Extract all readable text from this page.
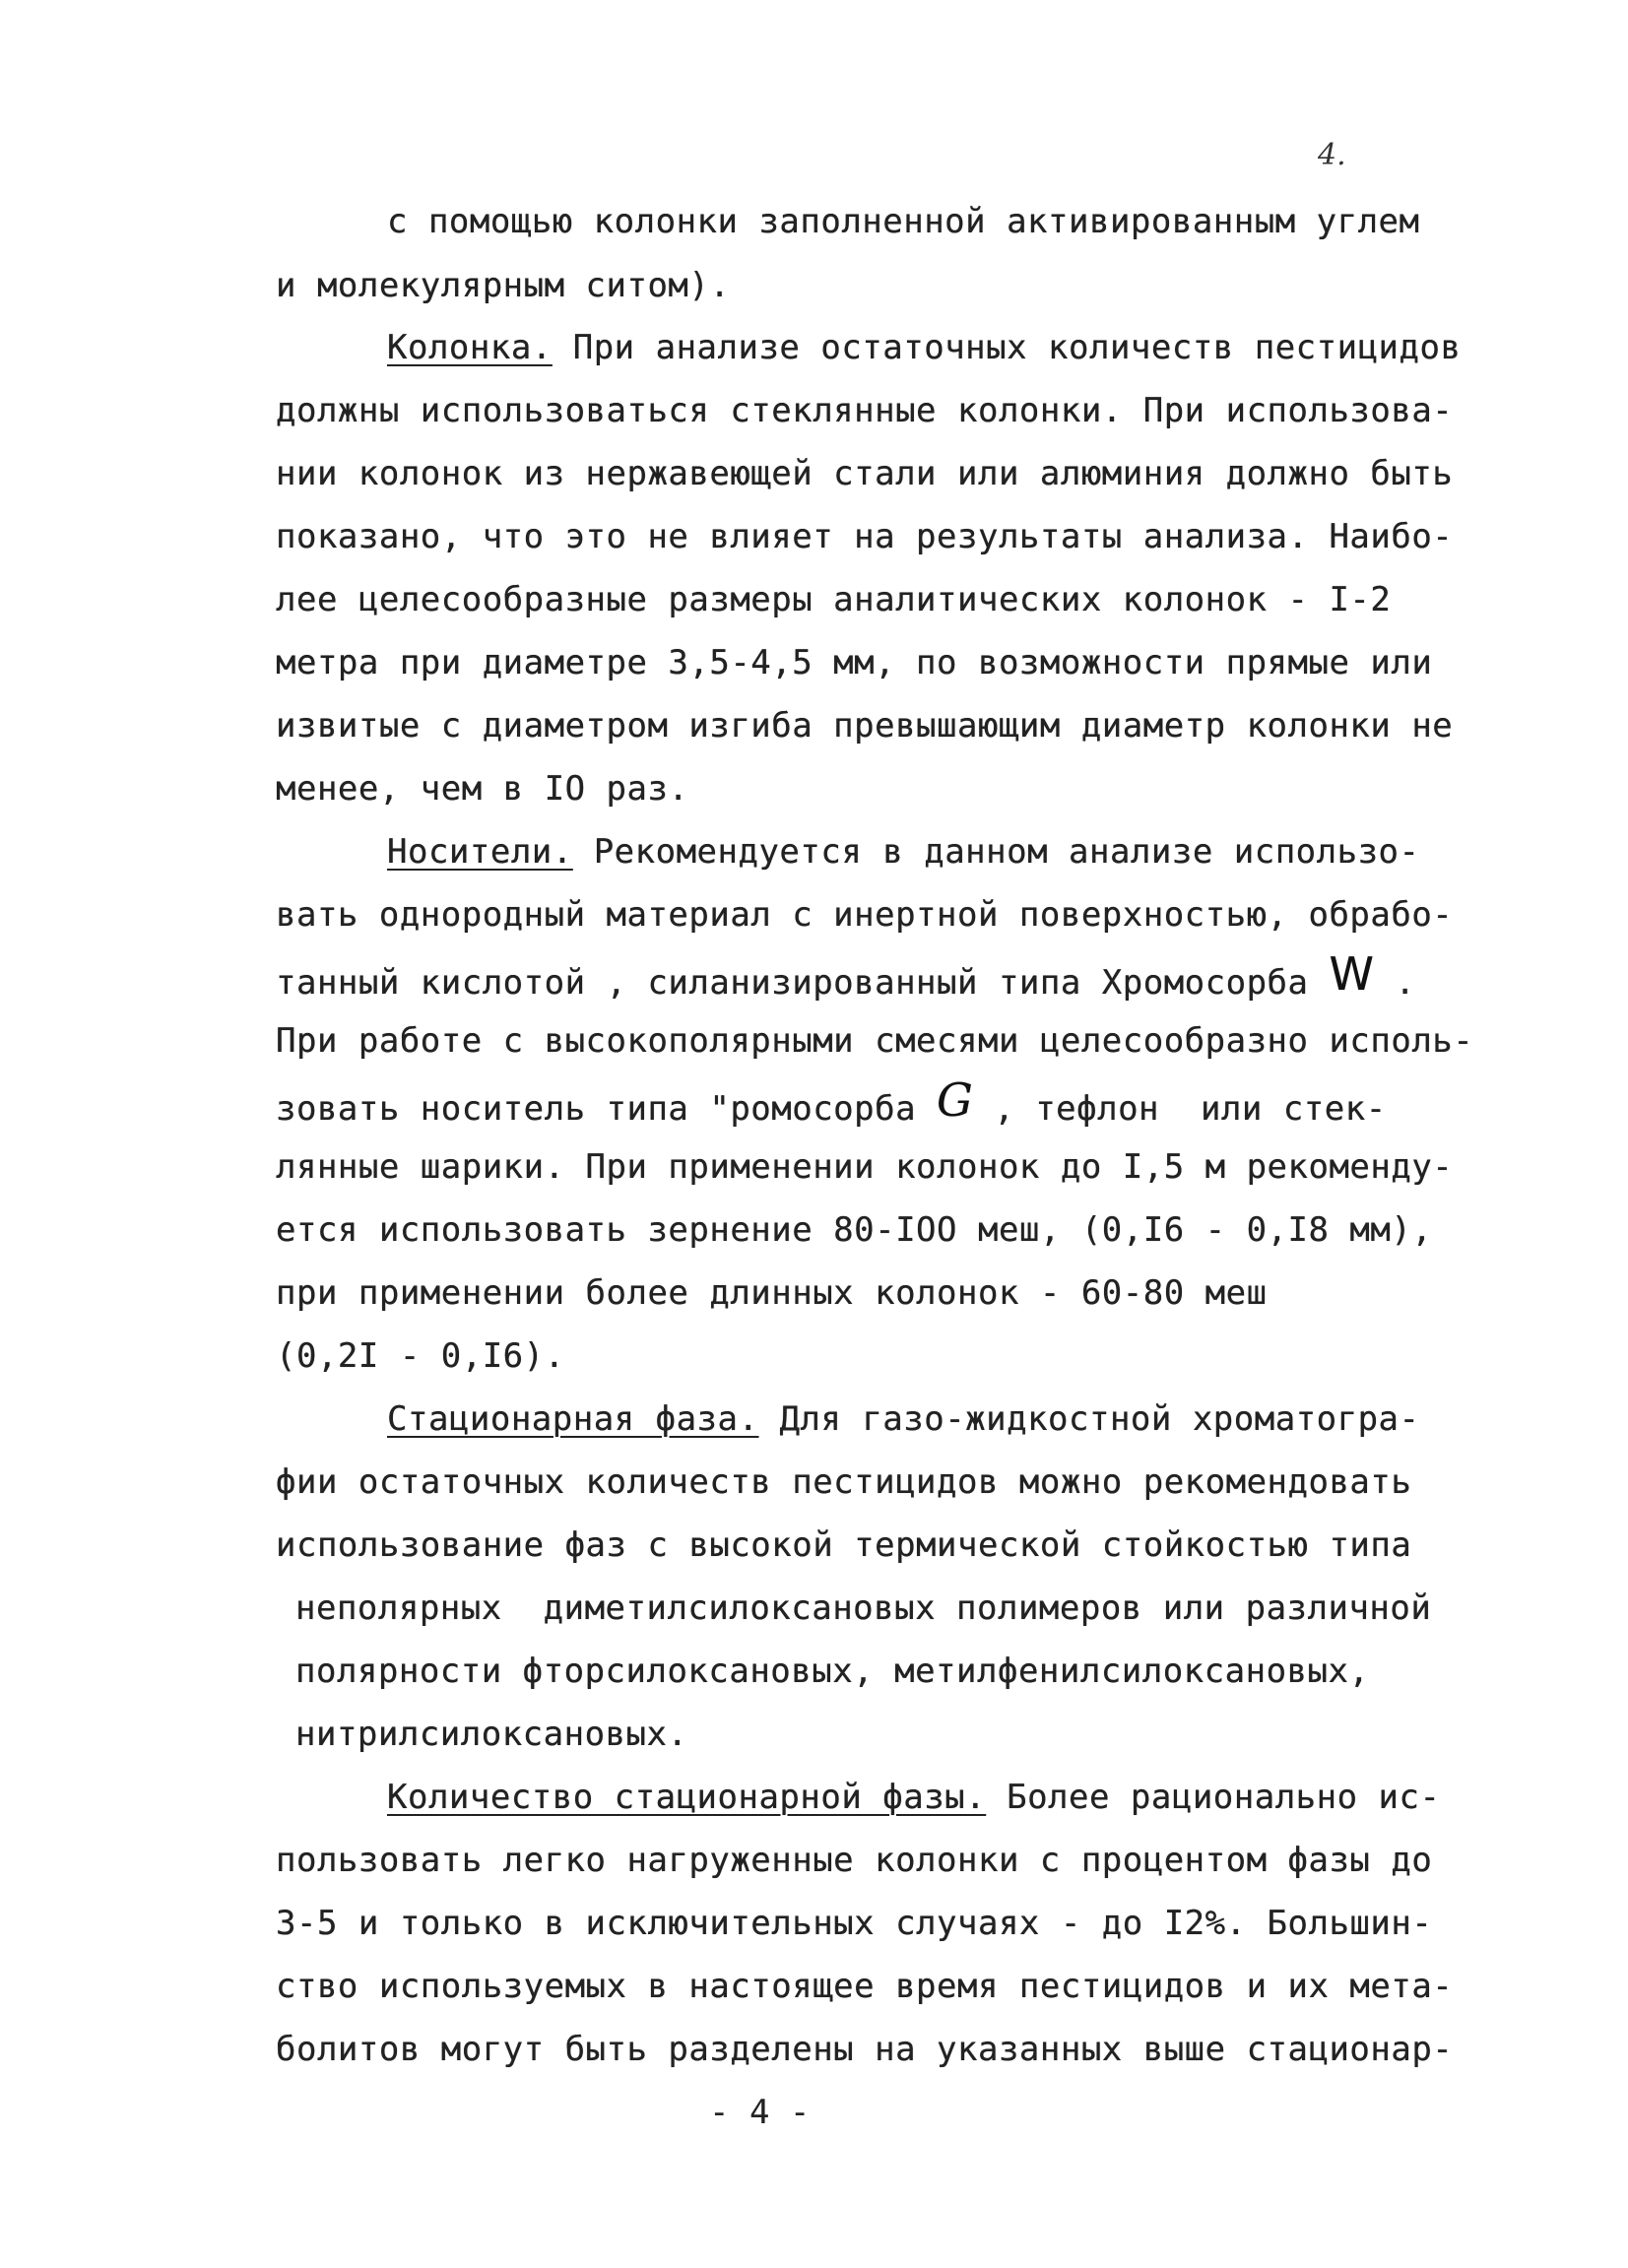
4.
с помощью колонки заполненной активированным углем
и молекулярным ситом).
Колонка. При анализе остаточных количеств пестицидов
должны использоваться стеклянные колонки. При использова-
нии колонок из нержавеющей стали или алюминия должно быть
показано, что это не влияет на результаты анализа. Наибо-
лее целесообразные размеры аналитических колонок - I-2
метра при диаметре 3,5-4,5 мм, по возможности прямые или
извитые с диаметром изгиба превышающим диаметр колонки не
менее, чем в IO раз.
Носители. Рекомендуется в данном анализе использо-
вать однородный материал с инертной поверхностью, обрабо-
танный кислотой , силанизированный типа Хромосорба W .
При работе с высокополярными смесями целесообразно исполь-
зовать носитель типа "ромосорба G , тефлон  или стек-
лянные шарики. При применении колонок до I,5 м рекоменду-
ется использовать зернение 80-IOO меш, (0,I6 - 0,I8 мм),
при применении более длинных колонок - 60-80 меш
(0,2I - 0,I6).
Стационарная фаза. Для газо-жидкостной хроматогра-
фии остаточных количеств пестицидов можно рекомендовать
использование фаз с высокой термической стойкостью типа
неполярных  диметилсилоксановых полимеров или различной
полярности фторсилоксановых, метилфенилсилоксановых,
нитрилсилоксановых.
Количество стационарной фазы. Более рационально ис-
пользовать легко нагруженные колонки с процентом фазы до
3-5 и только в исключительных случаях - до I2%. Большин-
ство используемых в настоящее время пестицидов и их мета-
болитов могут быть разделены на указанных выше стационар-
- 4 -
